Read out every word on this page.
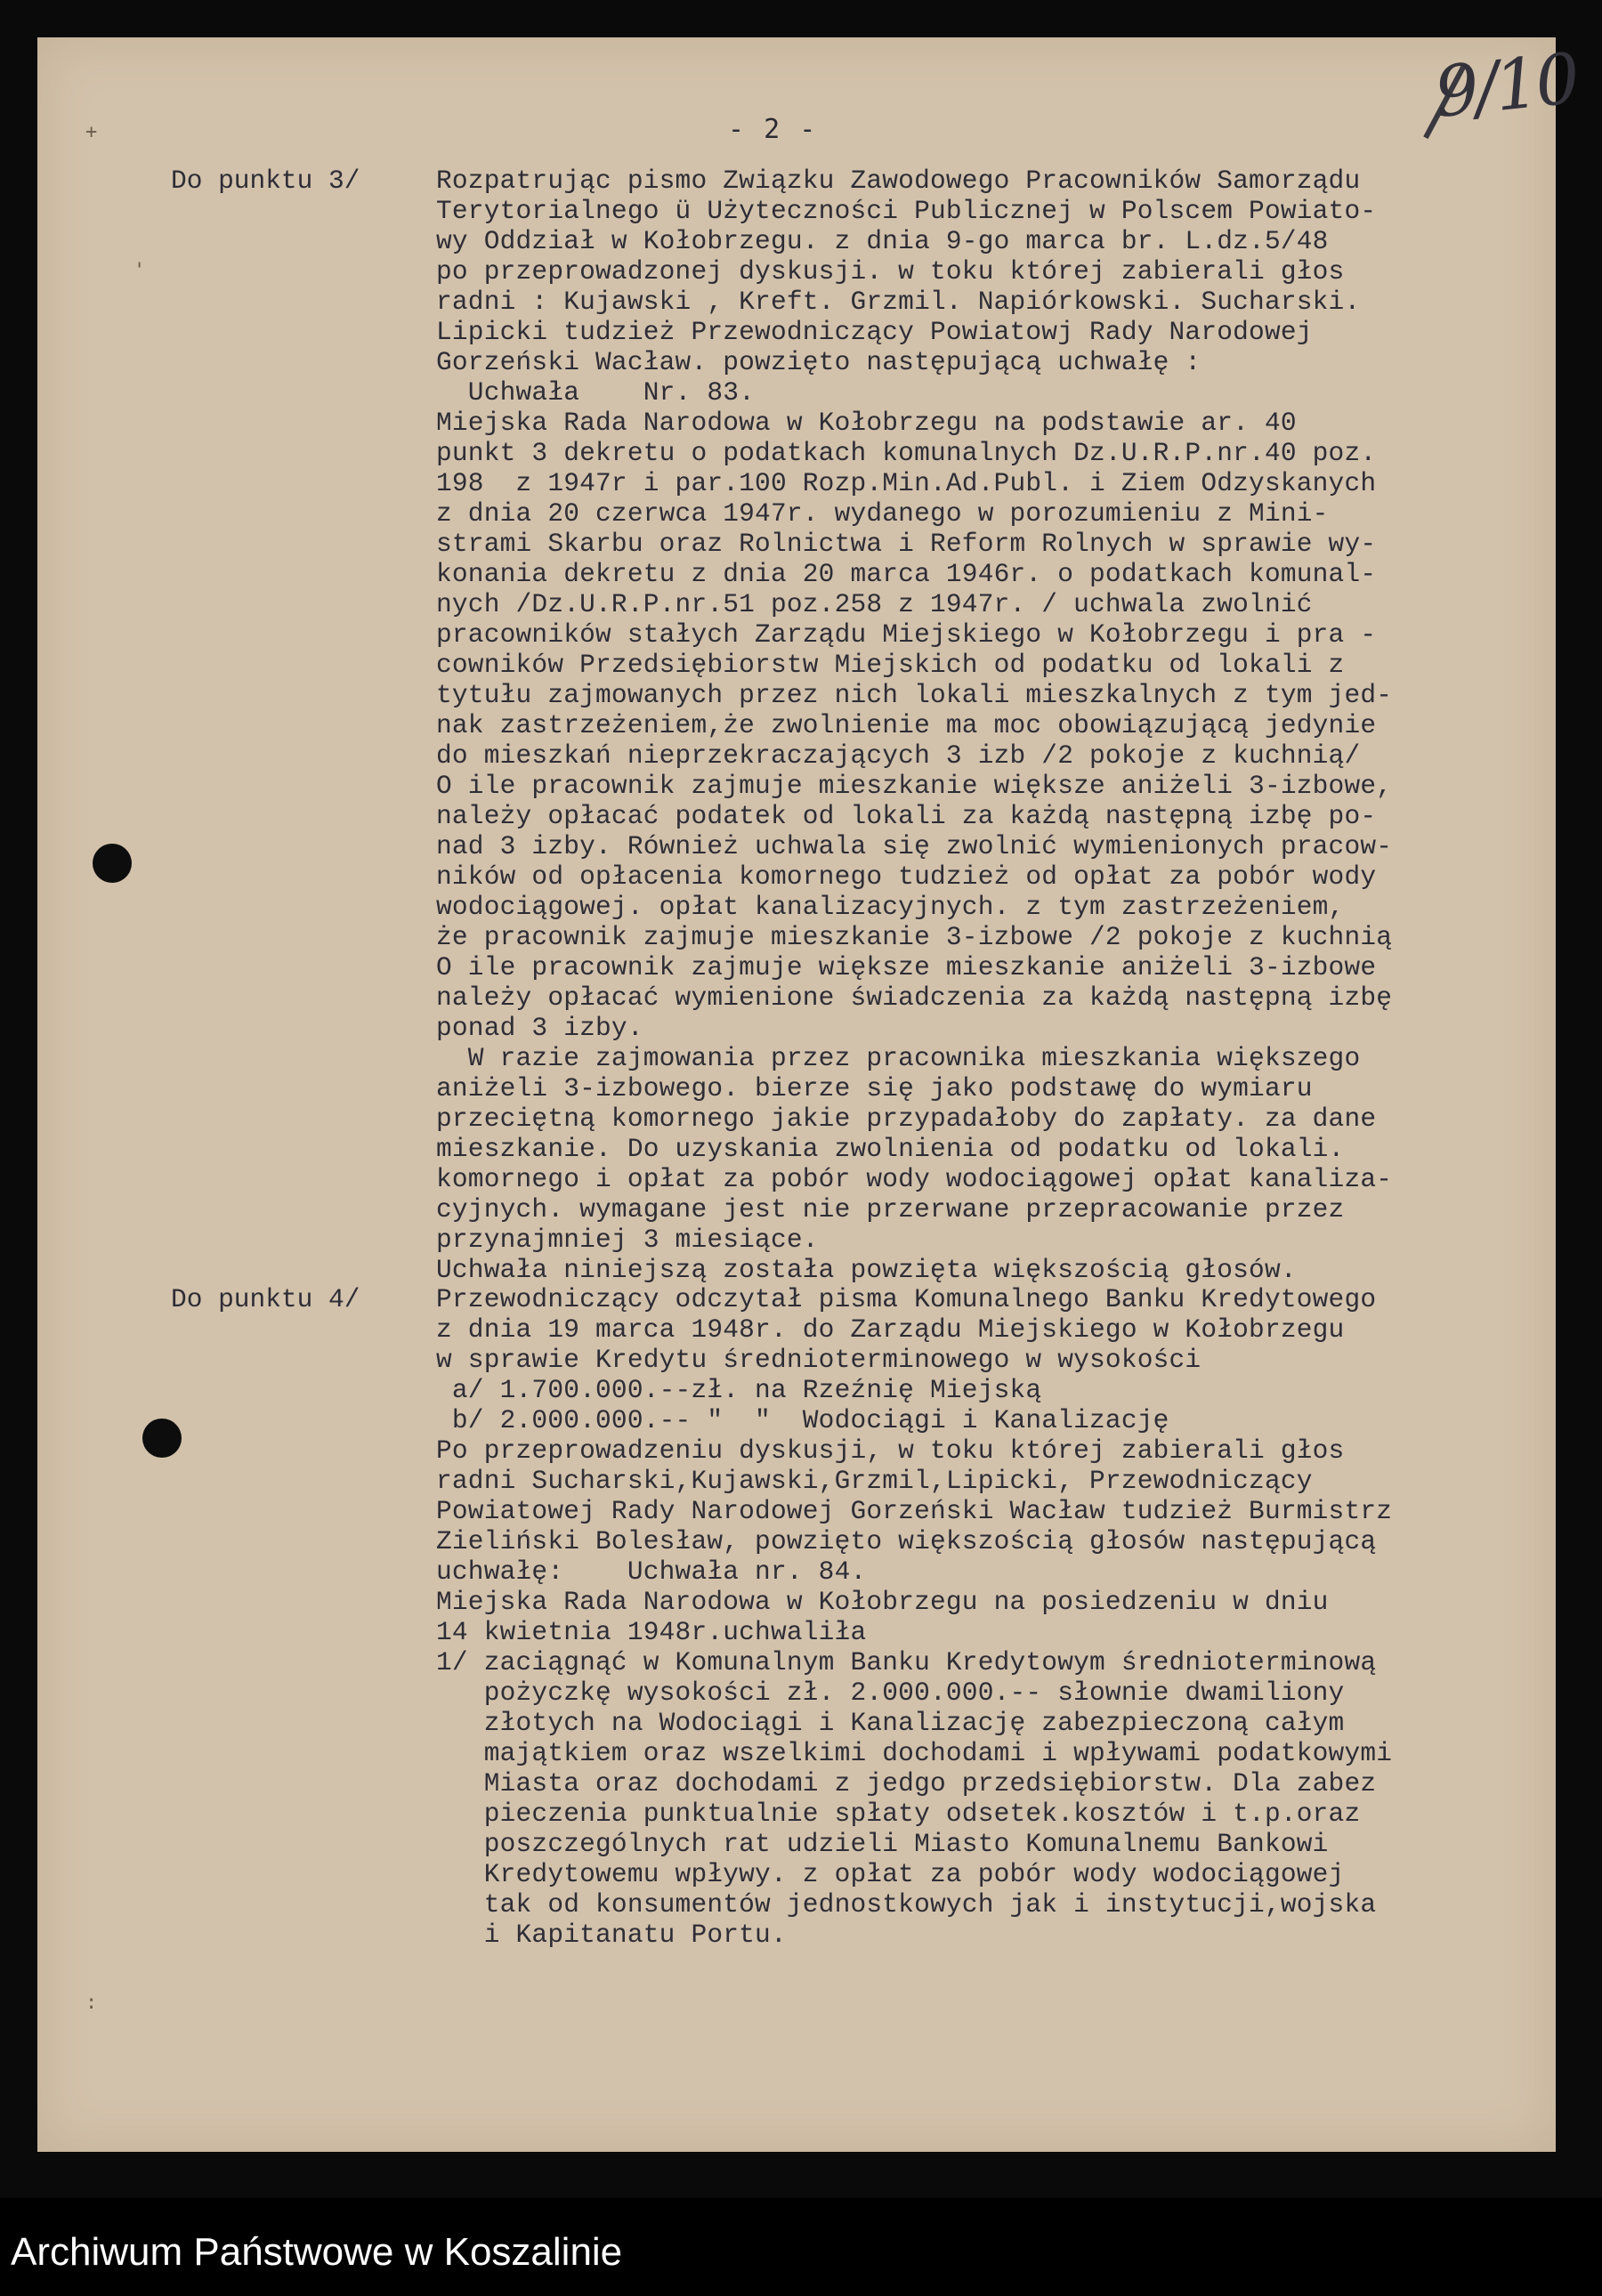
+
'
:
- 2 -	9/10
Do punktu 3/	Rozpatrując pismo Związku Zawodowego Pracowników Samorządu
Terytorialnego ü Użyteczności Publicznej w Polscem Powiato-
wy Oddział w Kołobrzegu. z dnia 9-go marca br. L.dz.5/48
po przeprowadzonej dyskusji. w toku której zabierali głos
radni : Kujawski , Kreft. Grzmil. Napiórkowski. Sucharski.
Lipicki tudzież Przewodniczący Powiatowj Rady Narodowej
Gorzeński Wacław. powzięto następującą uchwałę :
Uchwała    Nr. 83.
Miejska Rada Narodowa w Kołobrzegu na podstawie ar. 40
punkt 3 dekretu o podatkach komunalnych Dz.U.R.P.nr.40 poz.
198  z 1947r i par.100 Rozp.Min.Ad.Publ. i Ziem Odzyskanych
z dnia 20 czerwca 1947r. wydanego w porozumieniu z Mini-
strami Skarbu oraz Rolnictwa i Reform Rolnych w sprawie wy-
konania dekretu z dnia 20 marca 1946r. o podatkach komunal-
nych /Dz.U.R.P.nr.51 poz.258 z 1947r. / uchwala zwolnić
pracowników stałych Zarządu Miejskiego w Kołobrzegu i pra -
cowników Przedsiębiorstw Miejskich od podatku od lokali z
tytułu zajmowanych przez nich lokali mieszkalnych z tym jed-
nak zastrzeżeniem,że zwolnienie ma moc obowiązującą jedynie
do mieszkań nieprzekraczających 3 izb /2 pokoje z kuchnią/
O ile pracownik zajmuje mieszkanie większe aniżeli 3-izbowe,
należy opłacać podatek od lokali za każdą następną izbę po-
nad 3 izby. Również uchwala się zwolnić wymienionych pracow-
ników od opłacenia komornego tudzież od opłat za pobór wody
wodociągowej. opłat kanalizacyjnych. z tym zastrzeżeniem,
że pracownik zajmuje mieszkanie 3-izbowe /2 pokoje z kuchnią
O ile pracownik zajmuje większe mieszkanie aniżeli 3-izbowe
należy opłacać wymienione świadczenia za każdą następną izbę
ponad 3 izby.
W razie zajmowania przez pracownika mieszkania większego
aniżeli 3-izbowego. bierze się jako podstawę do wymiaru
przeciętną komornego jakie przypadałoby do zapłaty. za dane
mieszkanie. Do uzyskania zwolnienia od podatku od lokali.
komornego i opłat za pobór wody wodociągowej opłat kanaliza-
cyjnych. wymagane jest nie przerwane przepracowanie przez
przynajmniej 3 miesiące.
Uchwała niniejszą została powzięta większością głosów.
Do punktu 4/	Przewodniczący odczytał pisma Komunalnego Banku Kredytowego
z dnia 19 marca 1948r. do Zarządu Miejskiego w Kołobrzegu
w sprawie Kredytu średnioterminowego w wysokości
a/ 1.700.000.--zł. na Rzeźnię Miejską
b/ 2.000.000.-- "  "  Wodociągi i Kanalizację
Po przeprowadzeniu dyskusji, w toku której zabierali głos
radni Sucharski,Kujawski,Grzmil,Lipicki, Przewodniczący
Powiatowej Rady Narodowej Gorzeński Wacław tudzież Burmistrz
Zieliński Bolesław, powzięto większością głosów następującą
uchwałę:    Uchwała nr. 84.
Miejska Rada Narodowa w Kołobrzegu na posiedzeniu w dniu
14 kwietnia 1948r.uchwaliła
1/ zaciągnąć w Komunalnym Banku Kredytowym średnioterminową
pożyczkę wysokości zł. 2.000.000.-- słownie dwamiliony
złotych na Wodociągi i Kanalizację zabezpieczoną całym
majątkiem oraz wszelkimi dochodami i wpływami podatkowymi
Miasta oraz dochodami z jedgo przedsiębiorstw. Dla zabez
pieczenia punktualnie spłaty odsetek.kosztów i t.p.oraz
poszczególnych rat udzieli Miasto Komunalnemu Bankowi
Kredytowemu wpływy. z opłat za pobór wody wodociągowej
tak od konsumentów jednostkowych jak i instytucji,wojska
i Kapitanatu Portu.
Archiwum Państwowe w Koszalinie
